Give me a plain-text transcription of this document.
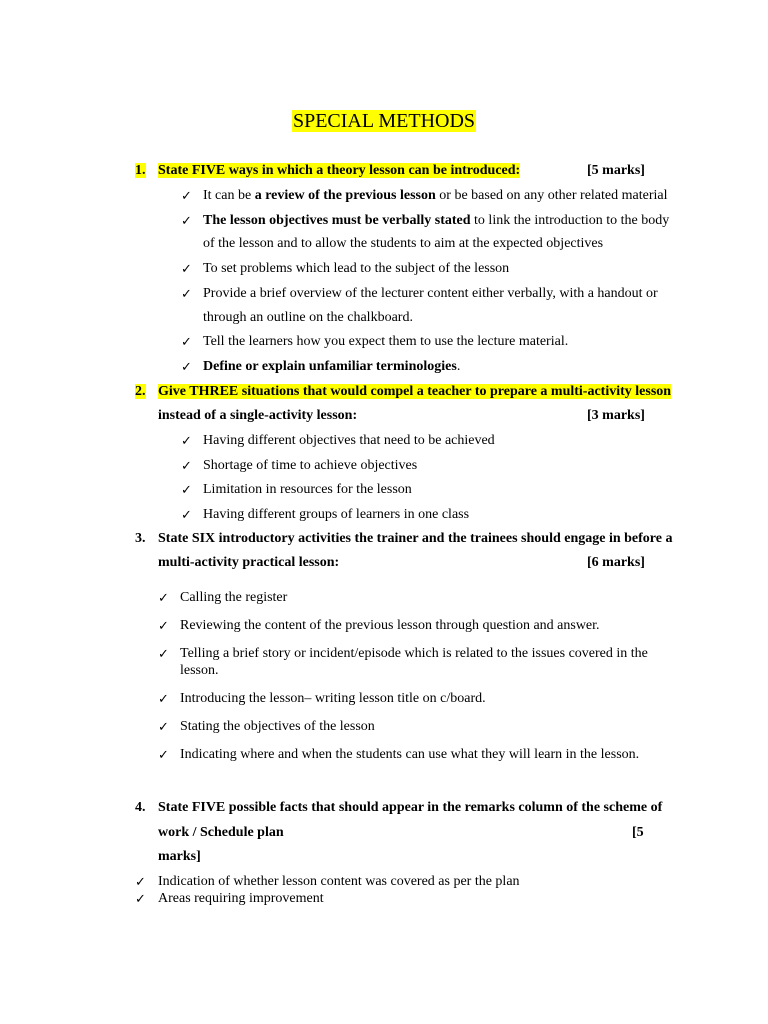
SPECIAL METHODS
1. State FIVE ways in which a theory lesson can be introduced:	[5 marks]
✓ It can be a review of the previous lesson or be based on any other related material
✓ The lesson objectives must be verbally stated to link the introduction to the body
of the lesson and to allow the students to aim at the expected objectives
✓ To set problems which lead to the subject of the lesson
✓ Provide a brief overview of the lecturer content either verbally, with a handout or
through an outline on the chalkboard.
✓ Tell the learners how you expect them to use the lecture material.
✓ Define or explain unfamiliar terminologies.
2. Give THREE situations that would compel a teacher to prepare a multi-activity lesson
instead of a single-activity lesson:	[3 marks]
✓ Having different objectives that need to be achieved
✓ Shortage of time to achieve objectives
✓ Limitation in resources for the lesson
✓ Having different groups of learners in one class
3. State SIX introductory activities the trainer and the trainees should engage in before a
multi-activity practical lesson:	[6 marks]
✓ Calling the register
✓ Reviewing the content of the previous lesson through question and answer.
✓ Telling a brief story or incident/episode which is related to the issues covered in the
lesson.
✓ Introducing the lesson– writing lesson title on c/board.
✓ Stating the objectives of the lesson
✓ Indicating where and when the students can use what they will learn in the lesson.
4. State FIVE possible facts that should appear in the remarks column of the scheme of
work / Schedule plan	[5
marks]
✓ Indication of whether lesson content was covered as per the plan
✓ Areas requiring improvement
